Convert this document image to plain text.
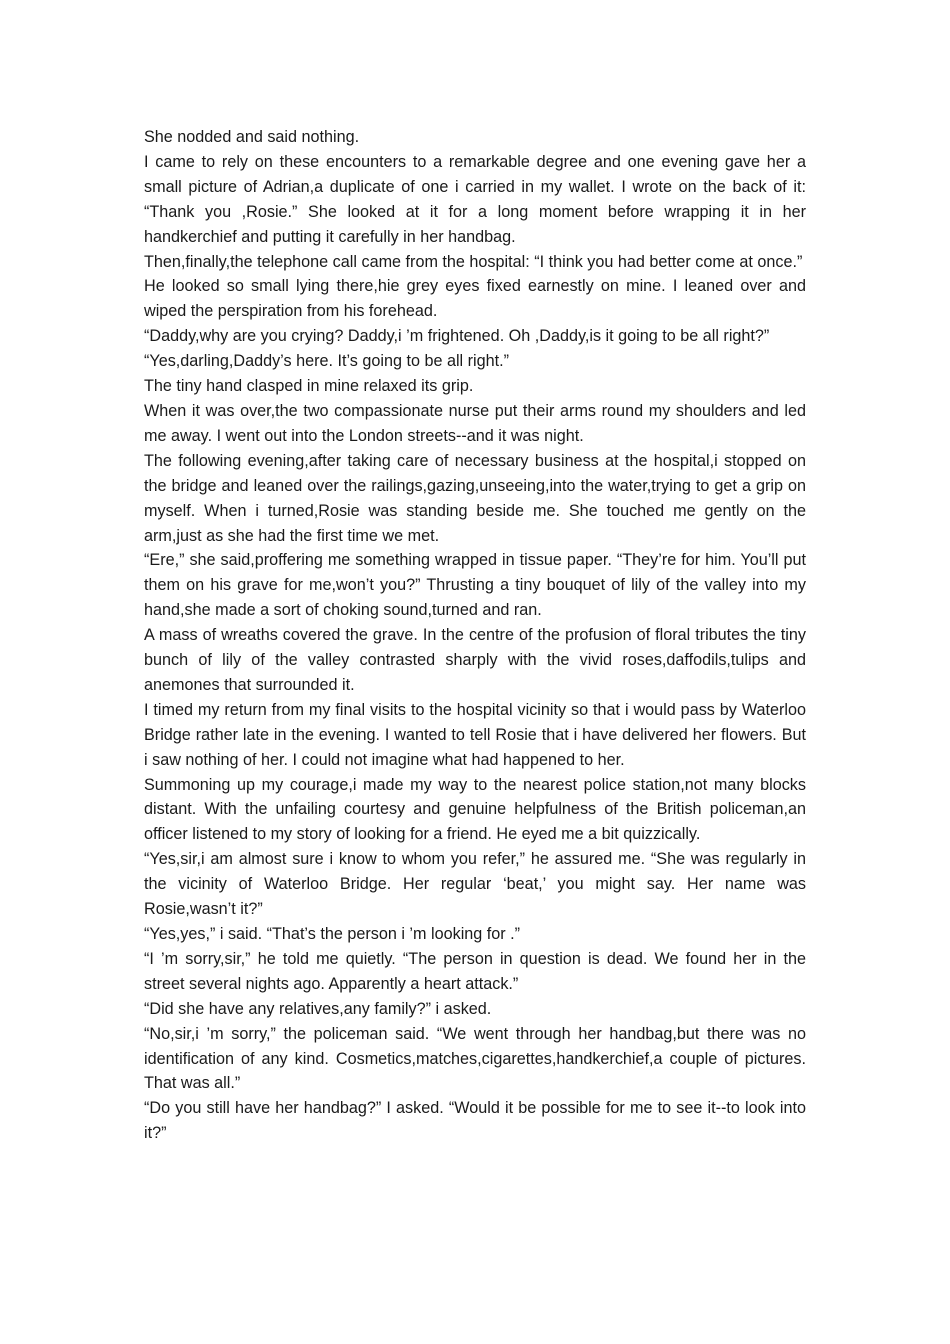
She nodded and said nothing.

I came to rely on these encounters to a remarkable degree and one evening gave her a small picture of Adrian,a duplicate of one i carried in my wallet. I wrote on the back of it: “Thank you ,Rosie.” She looked at it for a long moment before wrapping it in her handkerchief and putting it carefully in her handbag.

Then,finally,the telephone call came from the hospital: “I think you had better come at once.”

He looked so small lying there,hie grey eyes fixed earnestly on mine. I leaned over and wiped the perspiration from his forehead.

“Daddy,why are you crying? Daddy,i ’m frightened. Oh ,Daddy,is it going to be all right?”

“Yes,darling,Daddy’s here. It’s going to be all right.”

The tiny hand clasped in mine relaxed its grip.

When it was over,the two compassionate nurse put their arms round my shoulders and led me away. I went out into the London streets--and it was night.

The following evening,after taking care of necessary business at the hospital,i stopped on the bridge and leaned over the railings,gazing,unseeing,into the water,trying to get a grip on myself. When i turned,Rosie was standing beside me. She touched me gently on the arm,just as she had the first time we met.

“Ere,” she said,proffering me something wrapped in tissue paper. “They’re for him. You’ll put them on his grave for me,won’t you?” Thrusting a tiny bouquet of lily of the valley into my hand,she made a sort of choking sound,turned and ran.

A mass of wreaths covered the grave. In the centre of the profusion of floral tributes the tiny bunch of lily of the valley contrasted sharply with the vivid roses,daffodils,tulips and anemones that surrounded it.

I timed my return from my final visits to the hospital vicinity so that i would pass by Waterloo Bridge rather late in the evening. I wanted to tell Rosie that i have delivered her flowers. But i saw nothing of her. I could not imagine what had happened to her.

Summoning up my courage,i made my way to the nearest police station,not many blocks distant. With the unfailing courtesy and genuine helpfulness of the British policeman,an officer listened to my story of looking for a friend. He eyed me a bit quizzically.

“Yes,sir,i am almost sure i know to whom you refer,” he assured me. “She was regularly in the vicinity of Waterloo Bridge. Her regular ‘beat,’ you might say. Her name was Rosie,wasn’t it?”

“Yes,yes,” i said. “That’s the person i ’m looking for .”

“I ’m sorry,sir,” he told me quietly. “The person in question is dead. We found her in the street several nights ago. Apparently a heart attack.”

“Did she have any relatives,any family?” i asked.

“No,sir,i ’m sorry,” the policeman said. “We went through her handbag,but there was no identification of any kind. Cosmetics,matches,cigarettes,handkerchief,a couple of pictures. That was all.”

“Do you still have her handbag?” I asked. “Would it be possible for me to see it--to look into it?”
